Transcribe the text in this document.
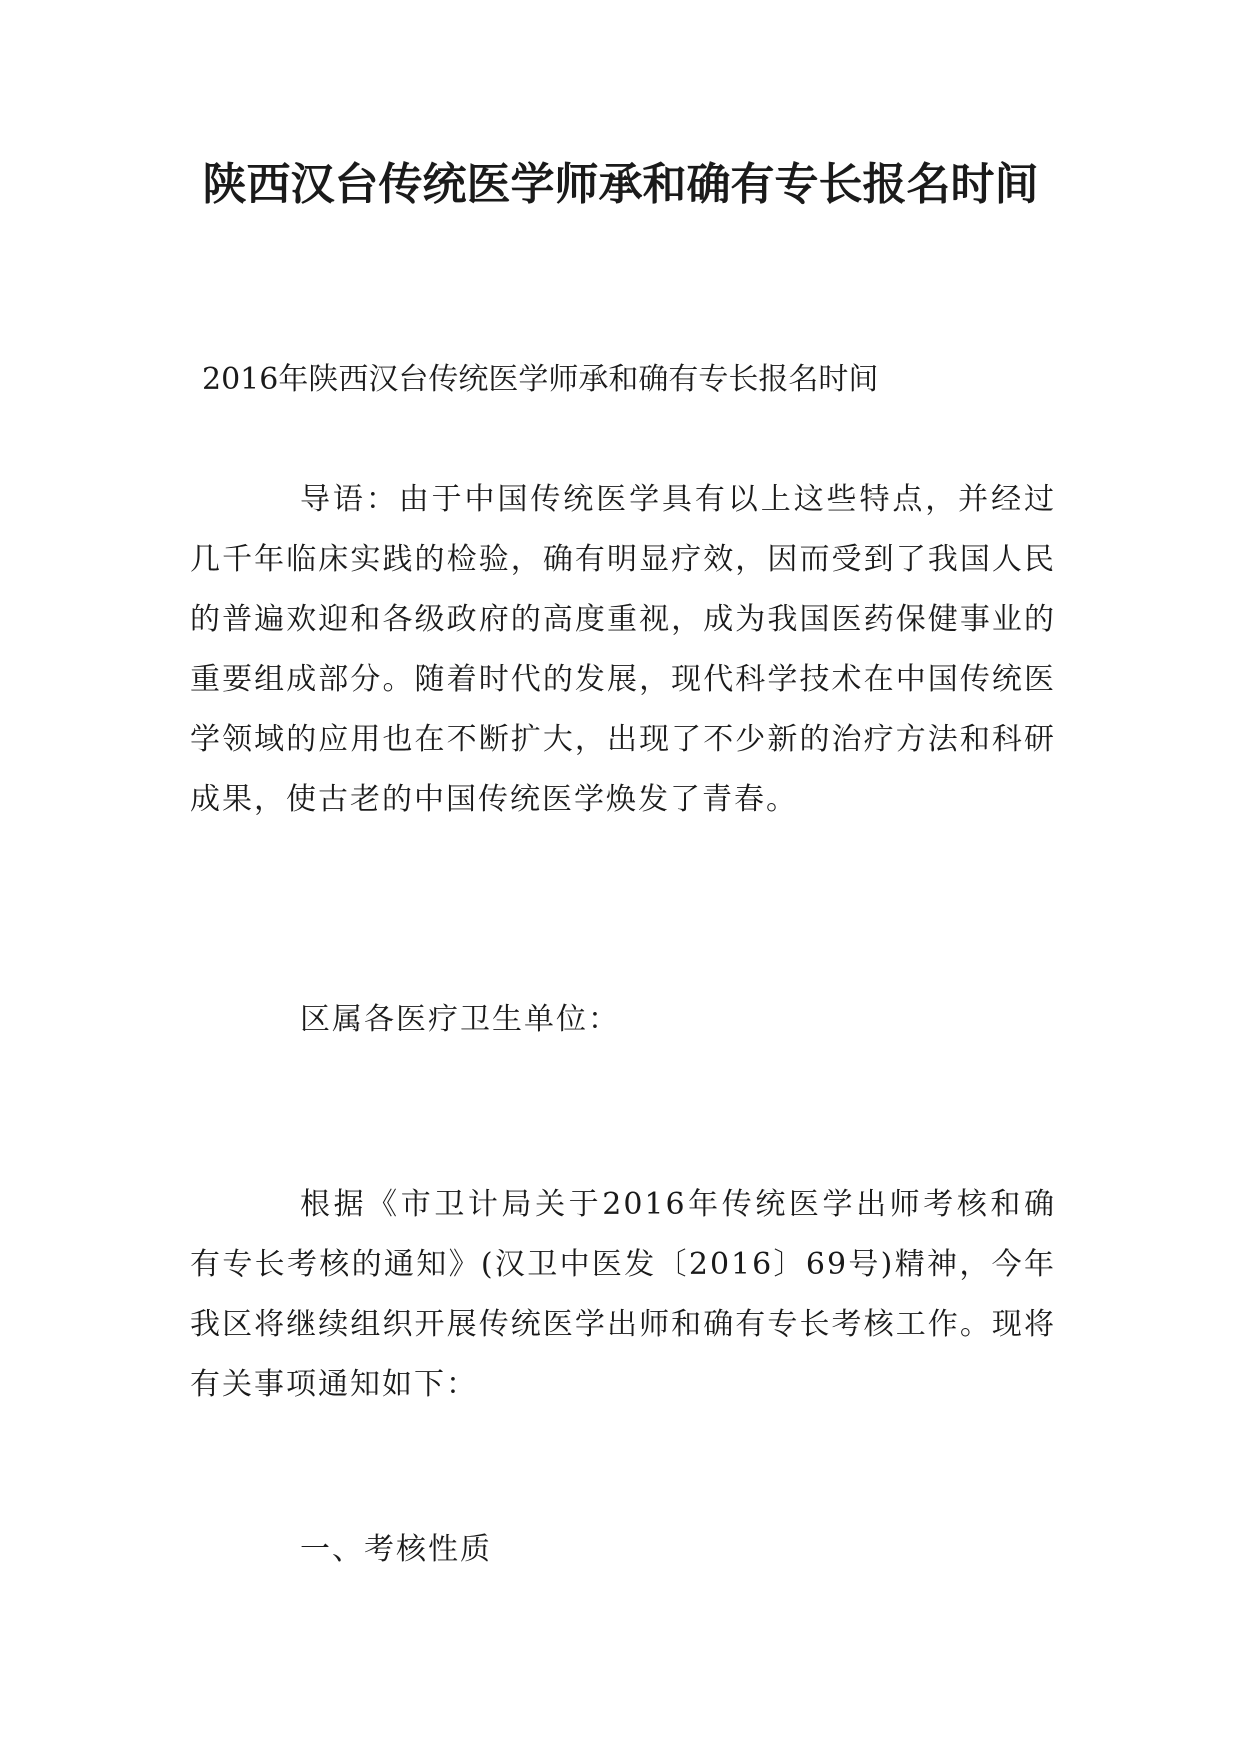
陕西汉台传统医学师承和确有专长报名时间

2016年陕西汉台传统医学师承和确有专长报名时间

导语：由于中国传统医学具有以上这些特点，并经过几千年临床实践的检验，确有明显疗效，因而受到了我国人民的普遍欢迎和各级政府的高度重视，成为我国医药保健事业的重要组成部分。随着时代的发展，现代科学技术在中国传统医学领域的应用也在不断扩大，出现了不少新的治疗方法和科研成果，使古老的中国传统医学焕发了青春。

区属各医疗卫生单位：

根据《市卫计局关于2016年传统医学出师考核和确有专长考核的通知》(汉卫中医发〔2016〕69号)精神，今年我区将继续组织开展传统医学出师和确有专长考核工作。现将有关事项通知如下：

一、考核性质
